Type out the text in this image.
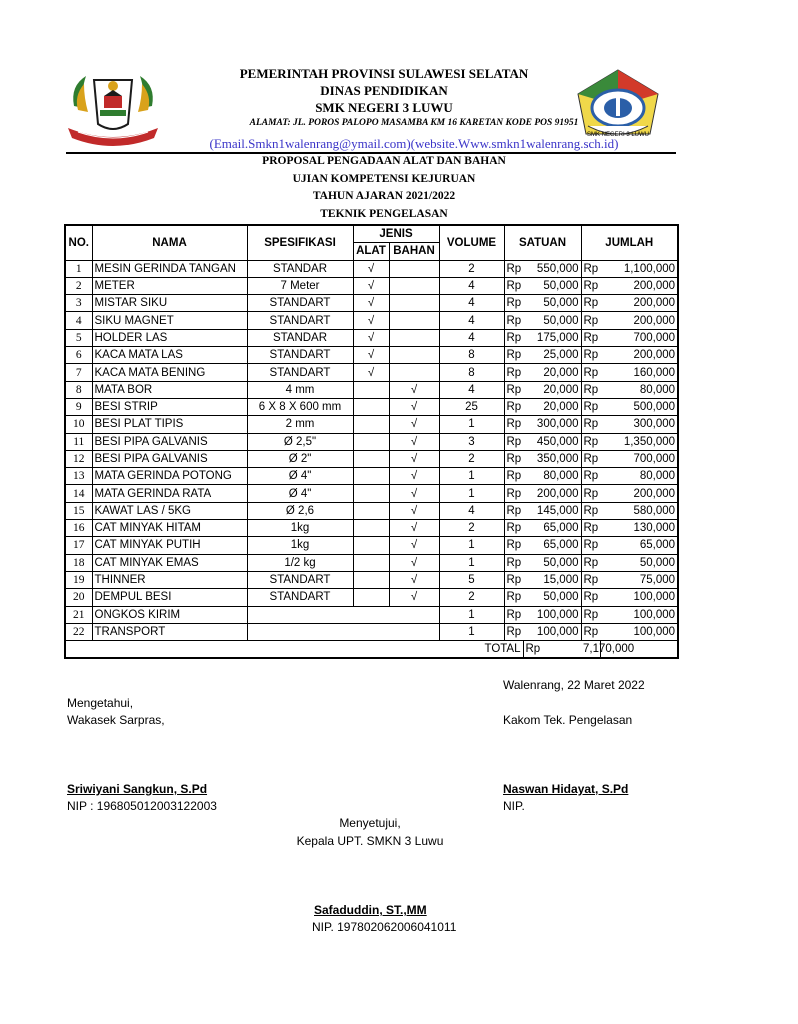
SMK NEGERI 3 LUWU
PEMERINTAH PROVINSI SULAWESI SELATAN
DINAS PENDIDIKAN
SMK NEGERI 3 LUWU
ALAMAT: JL. POROS PALOPO MASAMBA KM 16 KARETAN KODE POS 91951
(Email.Smkn1walenrang@ymail.com)(website.Www.smkn1walenrang.sch.id)
PROPOSAL PENGADAAN ALAT DAN BAHAN
UJIAN KOMPETENSI KEJURUAN
TAHUN AJARAN 2021/2022
TEKNIK PENGELASAN
NO.	NAMA	SPESIFIKASI	JENIS		VOLUME	SATUAN		JUMLAH	
			ALAT	BAHAN					
1	MESIN GERINDA TANGAN	STANDAR	√		2	Rp	550,000	Rp	1,100,000
2	METER	7 Meter	√		4	Rp	50,000	Rp	200,000
3	MISTAR SIKU	STANDART	√		4	Rp	50,000	Rp	200,000
4	SIKU MAGNET	STANDART	√		4	Rp	50,000	Rp	200,000
5	HOLDER LAS	STANDAR	√		4	Rp	175,000	Rp	700,000
6	KACA MATA LAS	STANDART	√		8	Rp	25,000	Rp	200,000
7	KACA MATA BENING	STANDART	√		8	Rp	20,000	Rp	160,000
8	MATA BOR	4 mm		√	4	Rp	20,000	Rp	80,000
9	BESI STRIP	6 X 8 X 600 mm		√	25	Rp	20,000	Rp	500,000
10	BESI PLAT TIPIS	2 mm		√	1	Rp	300,000	Rp	300,000
11	BESI PIPA GALVANIS	Ø 2,5"		√	3	Rp	450,000	Rp	1,350,000
12	BESI PIPA GALVANIS	Ø 2"		√	2	Rp	350,000	Rp	700,000
13	MATA GERINDA POTONG	Ø 4"		√	1	Rp	80,000	Rp	80,000
14	MATA GERINDA RATA	Ø 4"		√	1	Rp	200,000	Rp	200,000
15	KAWAT LAS / 5KG	Ø 2,6		√	4	Rp	145,000	Rp	580,000
16	CAT MINYAK HITAM	1kg		√	2	Rp	65,000	Rp	130,000
17	CAT MINYAK PUTIH	1kg		√	1	Rp	65,000	Rp	65,000
18	CAT MINYAK EMAS	1/2 kg		√	1	Rp	50,000	Rp	50,000
19	THINNER	STANDART		√	5	Rp	15,000	Rp	75,000
20	DEMPUL BESI	STANDART		√	2	Rp	50,000	Rp	100,000
21	ONGKOS KIRIM				1	Rp	100,000	Rp	100,000
22	TRANSPORT				1	Rp	100,000	Rp	100,000
TOTAL							Rp	7,170,000	
Walenrang, 22 Maret 2022
Mengetahui,
Wakasek Sarpras,	Kakom Tek. Pengelasan
Sriwiyani Sangkun, S.Pd
NIP : 196805012003122003
Naswan Hidayat, S.Pd
NIP.
Menyetujui,
Kepala UPT. SMKN 3 Luwu
Safaduddin, ST.,MM
NIP. 197802062006041011
